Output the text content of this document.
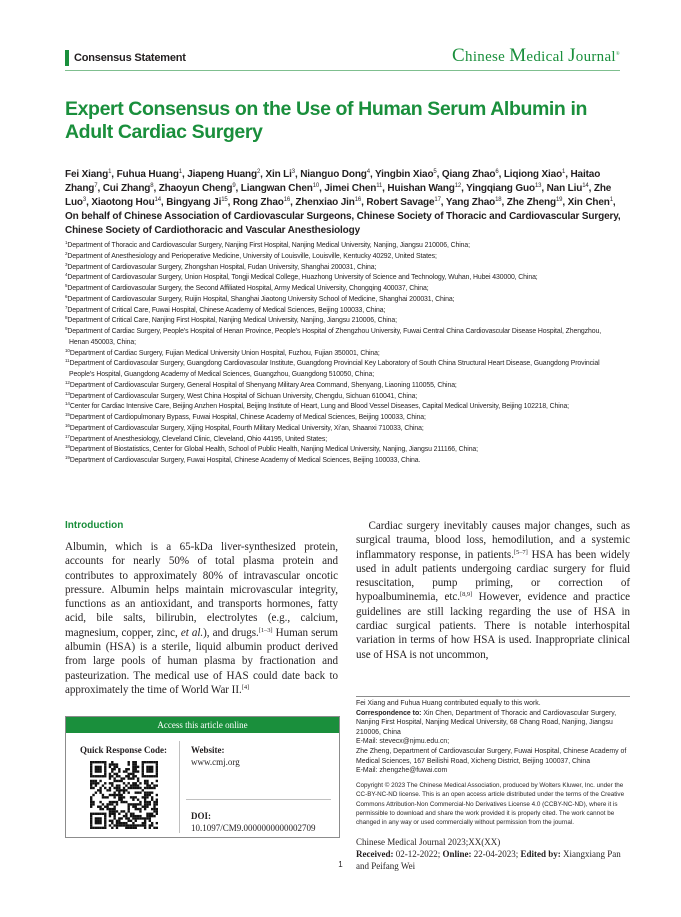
Consensus Statement	Chinese Medical Journal®
Expert Consensus on the Use of Human Serum Albumin in Adult Cardiac Surgery
Fei Xiang$^1$, Fuhua Huang$^1$, Jiapeng Huang$^2$, Xin Li$^3$, Nianguo Dong$^4$, Yingbin Xiao$^5$, Qiang Zhao$^6$, Liqiong Xiao$^1$, Haitao Zhang$^7$, Cui Zhang$^8$, Zhaoyun Cheng$^9$, Liangwan Chen$^{10}$, Jimei Chen$^{11}$, Huishan Wang$^{12}$, Yingqiang Guo$^{13}$, Nan Liu$^{14}$, Zhe Luo$^3$, Xiaotong Hou$^{14}$, Bingyang Ji$^{15}$, Rong Zhao$^{16}$, Zhenxiao Jin$^{16}$, Robert Savage$^{17}$, Yang Zhao$^{18}$, Zhe Zheng$^{19}$, Xin Chen$^1$, On behalf of Chinese Association of Cardiovascular Surgeons, Chinese Society of Thoracic and Cardiovascular Surgery, Chinese Society of Cardiothoracic and Vascular Anesthesiology
$^1$Department of Thoracic and Cardiovascular Surgery, Nanjing First Hospital, Nanjing Medical University, Nanjing, Jiangsu 210006, China;
$^2$Department of Anesthesiology and Perioperative Medicine, University of Louisville, Louisville, Kentucky 40292, United States;
$^3$Department of Cardiovascular Surgery, Zhongshan Hospital, Fudan University, Shanghai 200031, China;
$^4$Department of Cardiovascular Surgery, Union Hospital, Tongji Medical College, Huazhong University of Science and Technology, Wuhan, Hubei 430000, China;
$^5$Department of Cardiovascular Surgery, the Second Affiliated Hospital, Army Medical University, Chongqing 400037, China;
$^6$Department of Cardiovascular Surgery, Ruijin Hospital, Shanghai Jiaotong University School of Medicine, Shanghai 200031, China;
$^7$Department of Critical Care, Fuwai Hospital, Chinese Academy of Medical Sciences, Beijing 100033, China;
$^8$Department of Critical Care, Nanjing First Hospital, Nanjing Medical University, Nanjing, Jiangsu 210006, China;
$^9$Department of Cardiac Surgery, People’s Hospital of Henan Province, People’s Hospital of Zhengzhou University, Fuwai Central China Cardiovascular Disease Hospital, Zhengzhou,
Henan 450003, China;
$^{10}$Department of Cardiac Surgery, Fujian Medical University Union Hospital, Fuzhou, Fujian 350001, China;
$^{11}$Department of Cardiovascular Surgery, Guangdong Cardiovascular Institute, Guangdong Provincial Key Laboratory of South China Structural Heart Disease, Guangdong Provincial
People’s Hospital, Guangdong Academy of Medical Sciences, Guangzhou, Guangdong 510050, China;
$^{12}$Department of Cardiovascular Surgery, General Hospital of Shenyang Military Area Command, Shenyang, Liaoning 110055, China;
$^{13}$Department of Cardiovascular Surgery, West China Hospital of Sichuan University, Chengdu, Sichuan 610041, China;
$^{14}$Center for Cardiac Intensive Care, Beijing Anzhen Hospital, Beijing Institute of Heart, Lung and Blood Vessel Diseases, Capital Medical University, Beijing 102218, China;
$^{15}$Department of Cardiopulmonary Bypass, Fuwai Hospital, Chinese Academy of Medical Sciences, Beijing 100033, China;
$^{16}$Department of Cardiovascular Surgery, Xijing Hospital, Fourth Military Medical University, Xi’an, Shaanxi 710033, China;
$^{17}$Department of Anesthesiology, Cleveland Clinic, Cleveland, Ohio 44195, United States;
$^{18}$Department of Biostatistics, Center for Global Health, School of Public Health, Nanjing Medical University, Nanjing, Jiangsu 211166, China;
$^{19}$Department of Cardiovascular Surgery, Fuwai Hospital, Chinese Academy of Medical Sciences, Beijing 100033, China.
Introduction
Albumin, which is a 65-kDa liver-synthesized protein, accounts for nearly 50% of total plasma protein and contributes to approximately 80% of intravascular oncotic pressure. Albumin helps maintain microvascular integrity, functions as an antioxidant, and transports hormones, fatty acid, bile salts, bilirubin, electrolytes (e.g., calcium, magnesium, copper, zinc, et al.), and drugs.[1–3] Human serum albumin (HSA) is a sterile, liquid albumin product derived from large pools of human plasma by fractionation and pasteurization. The medical use of HAS could date back to approximately the time of World War II.[4]
Cardiac surgery inevitably causes major changes, such as surgical trauma, blood loss, hemodilution, and a systemic inflammatory response, in patients.[5–7] HSA has been widely used in adult patients undergoing cardiac surgery for fluid resuscitation, pump priming, or correction of hypoalbuminemia, etc.[8,9] However, evidence and practice guidelines are still lacking regarding the use of HSA in cardiac surgical patients. There is notable interhospital variation in terms of how HSA is used. Inappropriate clinical use of HSA is not uncommon,
Access this article online
Quick Response Code:	Website:
www.cmj.org
DOI:
10.1097/CM9.0000000000002709
Fei Xiang and Fuhua Huang contributed equally to this work.
Correspondence to: Xin Chen, Department of Thoracic and Cardiovascular Surgery, Nanjing First Hospital, Nanjing Medical University, 68 Chang Road, Nanjing, Jiangsu 210006, China
E-Mail: stevecx@njmu.edu.cn;
Zhe Zheng, Department of Cardiovascular Surgery, Fuwai Hospital, Chinese Academy of Medical Sciences, 167 Beilishi Road, Xicheng District, Beijing 100037, China
E-Mail: zhengzhe@fuwai.com
Copyright © 2023 The Chinese Medical Association, produced by Wolters Kluwer, Inc. under the CC-BY-NC-ND license. This is an open access article distributed under the terms of the Creative Commons Attribution-Non Commercial-No Derivatives License 4.0 (CCBY-NC-ND), where it is permissible to download and share the work provided it is properly cited. The work cannot be changed in any way or used commercially without permission from the journal.
Chinese Medical Journal 2023;XX(XX)
Received: 02-12-2022; Online: 22-04-2023; Edited by: Xiangxiang Pan and Peifang Wei
1
